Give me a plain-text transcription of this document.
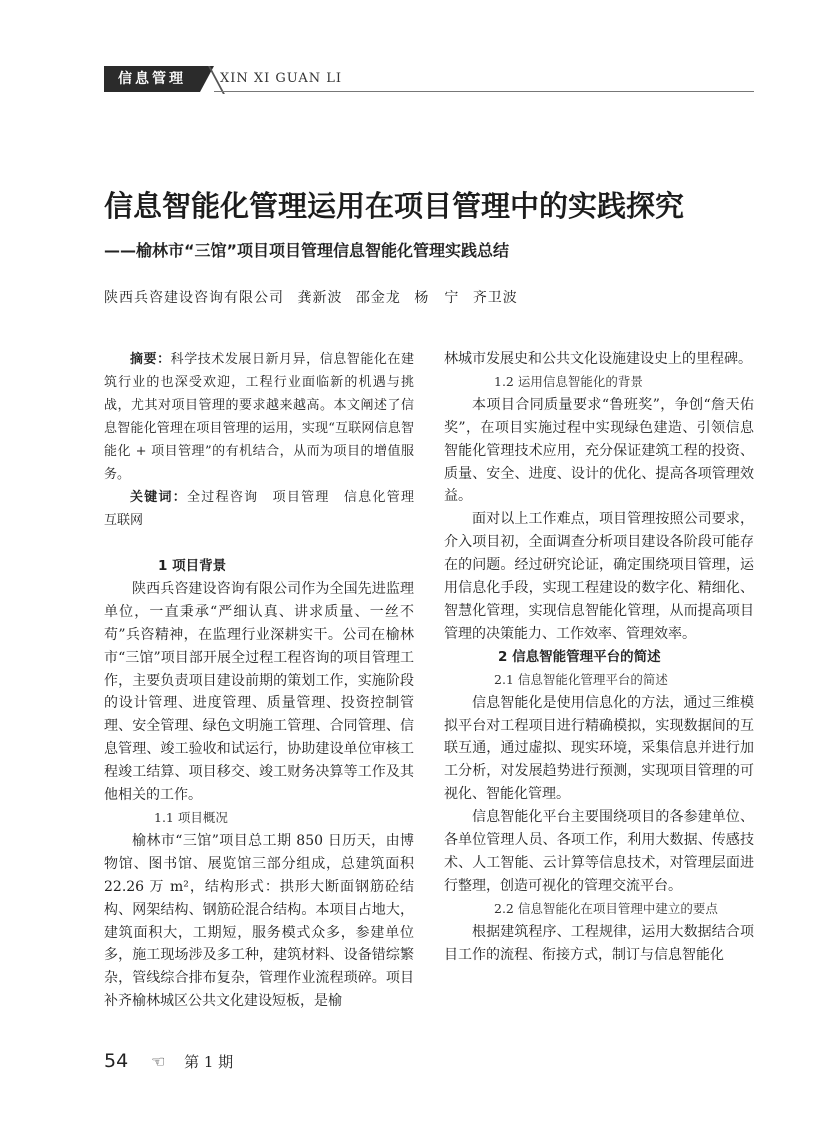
信息管理	XIN XI GUAN LI
信息智能化管理运用在项目管理中的实践探究
——榆林市“三馆”项目项目管理信息智能化管理实践总结
陕西兵咨建设咨询有限公司 龚新波 邵金龙 杨　宁 齐卫波

摘要：科学技术发展日新月异，信息智能化在建筑行业的也深受欢迎，工程行业面临新的机遇与挑战，尤其对项目管理的要求越来越高。本文阐述了信息智能化管理在项目管理的运用，实现“互联网信息智能化 + 项目管理”的有机结合，从而为项目的增值服务。

关键词：全过程咨询　项目管理　信息化管理　互联网

1 项目背景

陕西兵咨建设咨询有限公司作为全国先进监理单位，一直秉承“严细认真、讲求质量、一丝不苟”兵咨精神，在监理行业深耕实干。公司在榆林市“三馆”项目部开展全过程工程咨询的项目管理工作，主要负责项目建设前期的策划工作，实施阶段的设计管理、进度管理、质量管理、投资控制管理、安全管理、绿色文明施工管理、合同管理、信息管理、竣工验收和试运行，协助建设单位审核工程竣工结算、项目移交、竣工财务决算等工作及其他相关的工作。

1.1 项目概况

榆林市“三馆”项目总工期 850 日历天，由博物馆、图书馆、展览馆三部分组成，总建筑面积 22.26 万 m²，结构形式：拱形大断面钢筋砼结构、网架结构、钢筋砼混合结构。本项目占地大，建筑面积大，工期短，服务模式众多，参建单位多，施工现场涉及多工种，建筑材料、设备错综繁杂，管线综合排布复杂，管理作业流程琐碎。项目补齐榆林城区公共文化建设短板，是榆

林城市发展史和公共文化设施建设史上的里程碑。

1.2 运用信息智能化的背景

本项目合同质量要求“鲁班奖”，争创“詹天佑奖”，在项目实施过程中实现绿色建造、引领信息智能化管理技术应用，充分保证建筑工程的投资、质量、安全、进度、设计的优化、提高各项管理效益。

面对以上工作难点，项目管理按照公司要求，介入项目初，全面调查分析项目建设各阶段可能存在的问题。经过研究论证，确定围绕项目管理，运用信息化手段，实现工程建设的数字化、精细化、智慧化管理，实现信息智能化管理，从而提高项目管理的决策能力、工作效率、管理效率。

2 信息智能管理平台的简述

2.1 信息智能化管理平台的简述

信息智能化是使用信息化的方法，通过三维模拟平台对工程项目进行精确模拟，实现数据间的互联互通，通过虚拟、现实环境，采集信息并进行加工分析，对发展趋势进行预测，实现项目管理的可视化、智能化管理。

信息智能化平台主要围绕项目的各参建单位、各单位管理人员、各项工作，利用大数据、传感技术、人工智能、云计算等信息技术，对管理层面进行整理，创造可视化的管理交流平台。

2.2 信息智能化在项目管理中建立的要点

根据建筑程序、工程规律，运用大数据结合项目工作的流程、衔接方式，制订与信息智能化

54 ☜ 第 1 期
